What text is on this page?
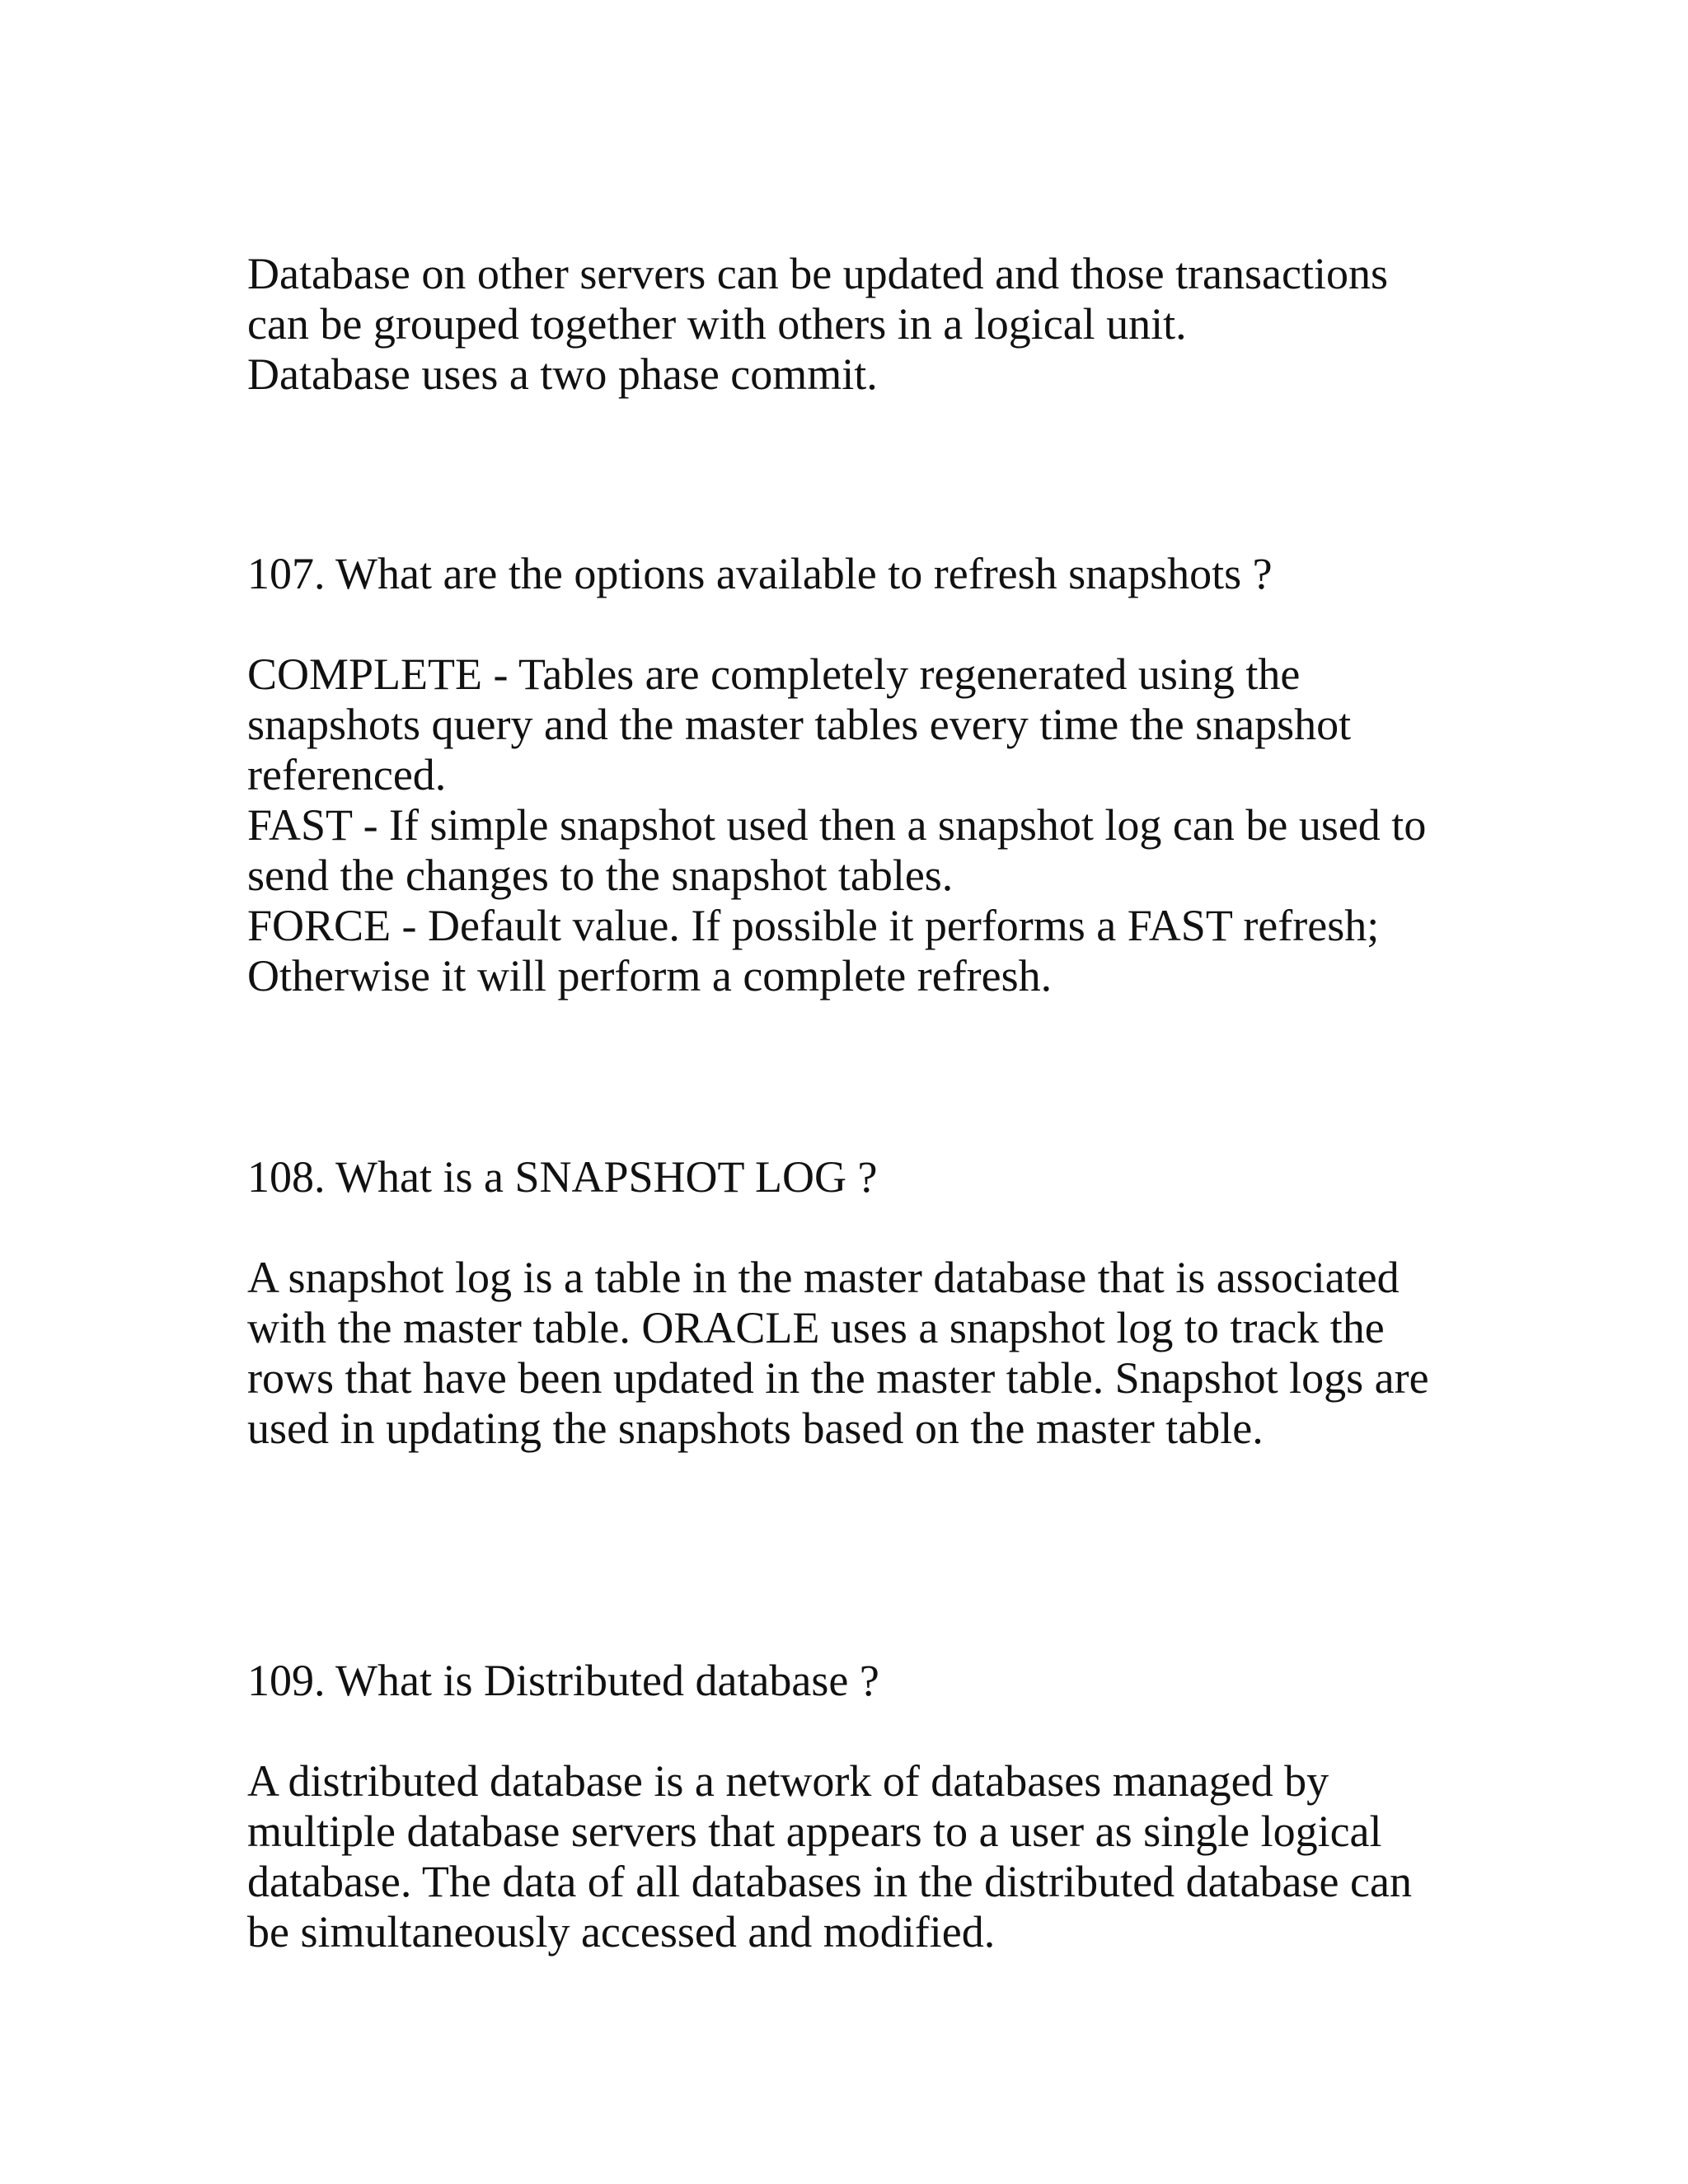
Database on other servers can be updated and those transactions

can be grouped together with others in a logical unit.

Database uses a two phase commit.

107. What are the options available to refresh snapshots ?

COMPLETE - Tables are completely regenerated using the

snapshots query and the master tables every time the snapshot

referenced.

FAST - If simple snapshot used then a snapshot log can be used to

send the changes to the snapshot tables.

FORCE - Default value. If possible it performs a FAST refresh;

Otherwise it will perform a complete refresh.

108. What is a SNAPSHOT LOG ?

A snapshot log is a table in the master database that is associated

with the master table. ORACLE uses a snapshot log to track the

rows that have been updated in the master table. Snapshot logs are

used in updating the snapshots based on the master table.

109. What is Distributed database ?

A distributed database is a network of databases managed by

multiple database servers that appears to a user as single logical

database. The data of all databases in the distributed database can

be simultaneously accessed and modified.
